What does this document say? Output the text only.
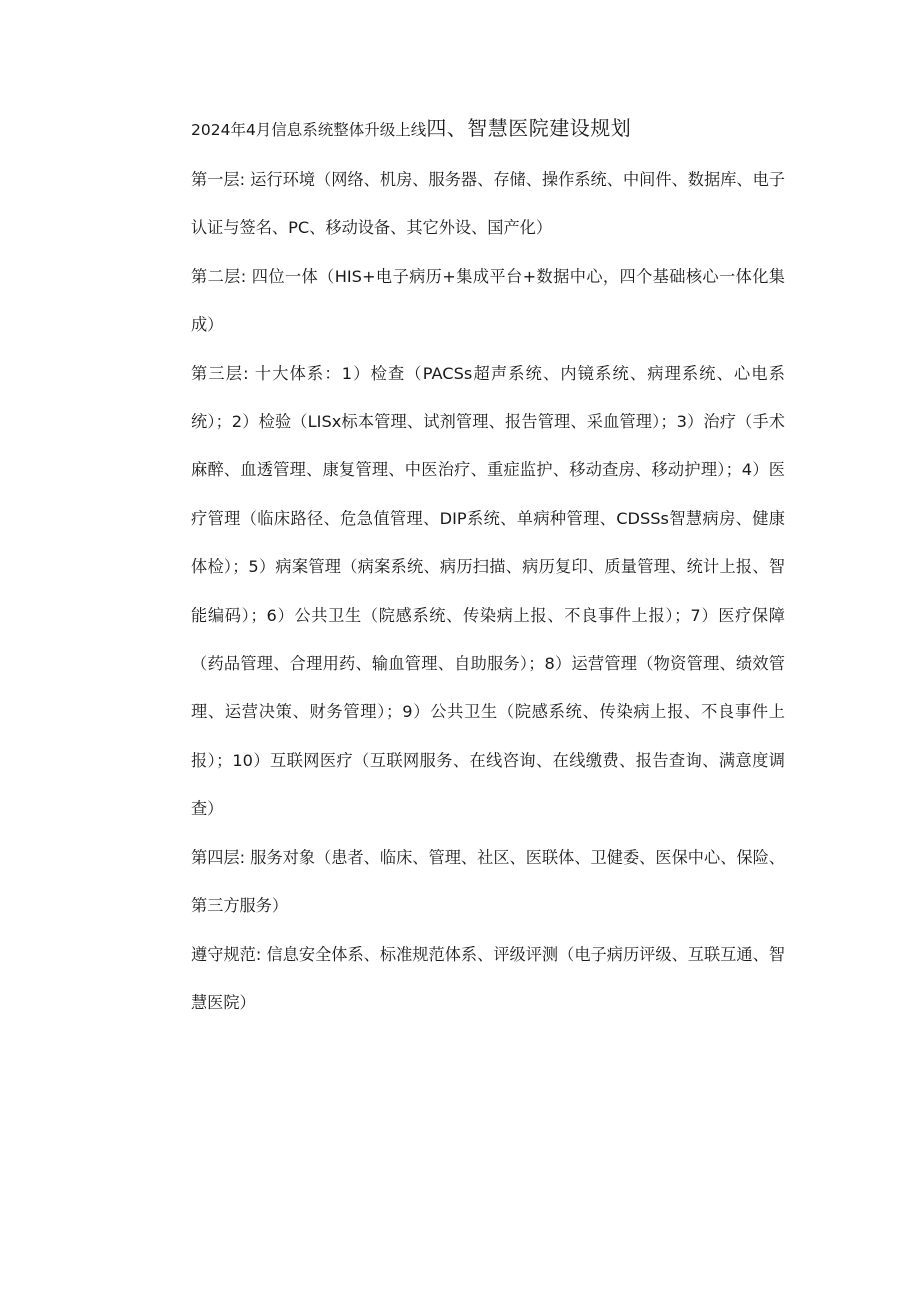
2024年4月信息系统整体升级上线四、智慧医院建设规划

第一层: 运行环境（网络、机房、服务器、存储、操作系统、中间件、数据库、电子认证与签名、PC、移动设备、其它外设、国产化）

第二层: 四位一体（HIS+电子病历+集成平台+数据中心，四个基础核心一体化集成）

第三层: 十大体系：1）检查（PACSs超声系统、内镜系统、病理系统、心电系统）；2）检验（LISx标本管理、试剂管理、报告管理、采血管理）；3）治疗（手术麻醉、血透管理、康复管理、中医治疗、重症监护、移动查房、移动护理）；4）医疗管理（临床路径、危急值管理、DIP系统、单病种管理、CDSSs智慧病房、健康体检）；5）病案管理（病案系统、病历扫描、病历复印、质量管理、统计上报、智能编码）；6）公共卫生（院感系统、传染病上报、不良事件上报）；7）医疗保障（药品管理、合理用药、输血管理、自助服务）；8）运营管理（物资管理、绩效管理、运营决策、财务管理）；9）公共卫生（院感系统、传染病上报、不良事件上报）；10）互联网医疗（互联网服务、在线咨询、在线缴费、报告查询、满意度调查）

第四层: 服务对象（患者、临床、管理、社区、医联体、卫健委、医保中心、保险、第三方服务）

遵守规范: 信息安全体系、标准规范体系、评级评测（电子病历评级、互联互通、智慧医院）
